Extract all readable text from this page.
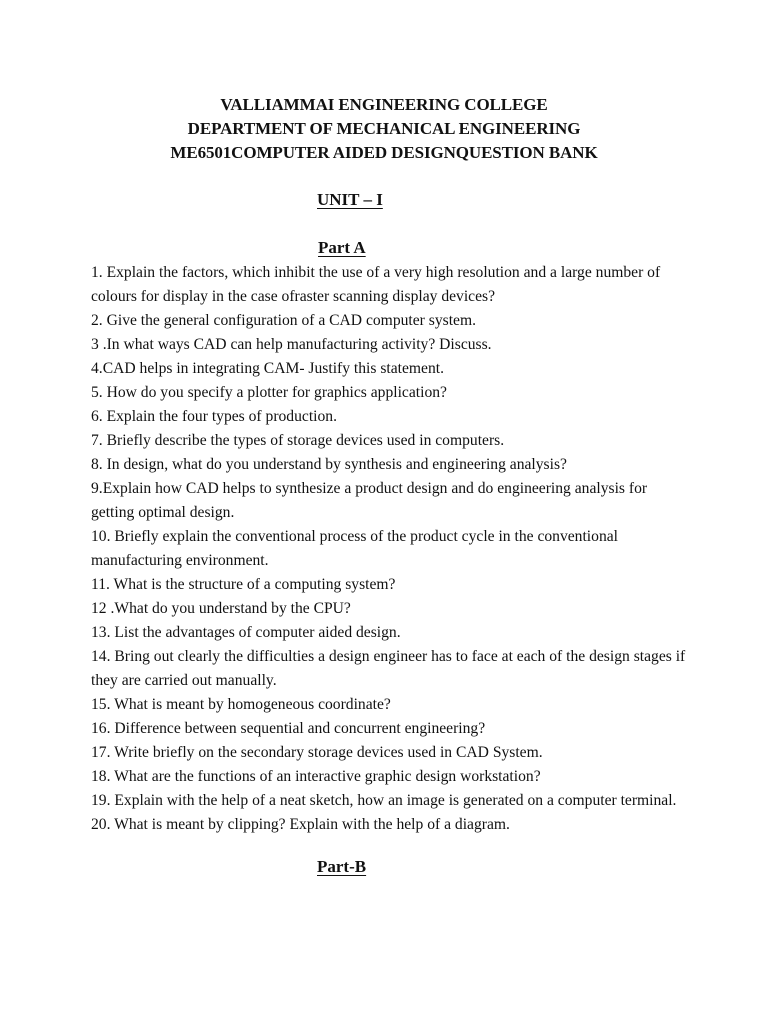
VALLIAMMAI ENGINEERING COLLEGE
DEPARTMENT OF MECHANICAL ENGINEERING
ME6501COMPUTER AIDED DESIGNQUESTION BANK
UNIT – I
Part A
1. Explain the factors, which inhibit the use of a very high resolution and a large number of colours for display in the case ofraster scanning display devices?
2. Give the general configuration of a CAD computer system.
3 .In what ways CAD can help manufacturing activity? Discuss.
4.CAD helps in integrating CAM- Justify this statement.
5. How do you specify a plotter for graphics application?
6. Explain the four types of production.
7. Briefly describe the types of storage devices used in computers.
8. In design, what do you understand by synthesis and engineering analysis?
9.Explain how CAD helps to synthesize a product design and do engineering analysis for getting optimal design.
10. Briefly explain the conventional process of the product cycle in the conventional manufacturing environment.
11. What is the structure of a computing system?
12 .What do you understand by the CPU?
13. List the advantages of computer aided design.
14. Bring out clearly the difficulties a design engineer has to face at each of the design stages if they are carried out manually.
15. What is meant by homogeneous coordinate?
16. Difference between sequential and concurrent engineering?
17. Write briefly on the secondary storage devices used in CAD System.
18. What are the functions of an interactive graphic design workstation?
19. Explain with the help of a neat sketch, how an image is generated on a computer terminal.
20. What is meant by clipping? Explain with the help of a diagram.
Part-B
